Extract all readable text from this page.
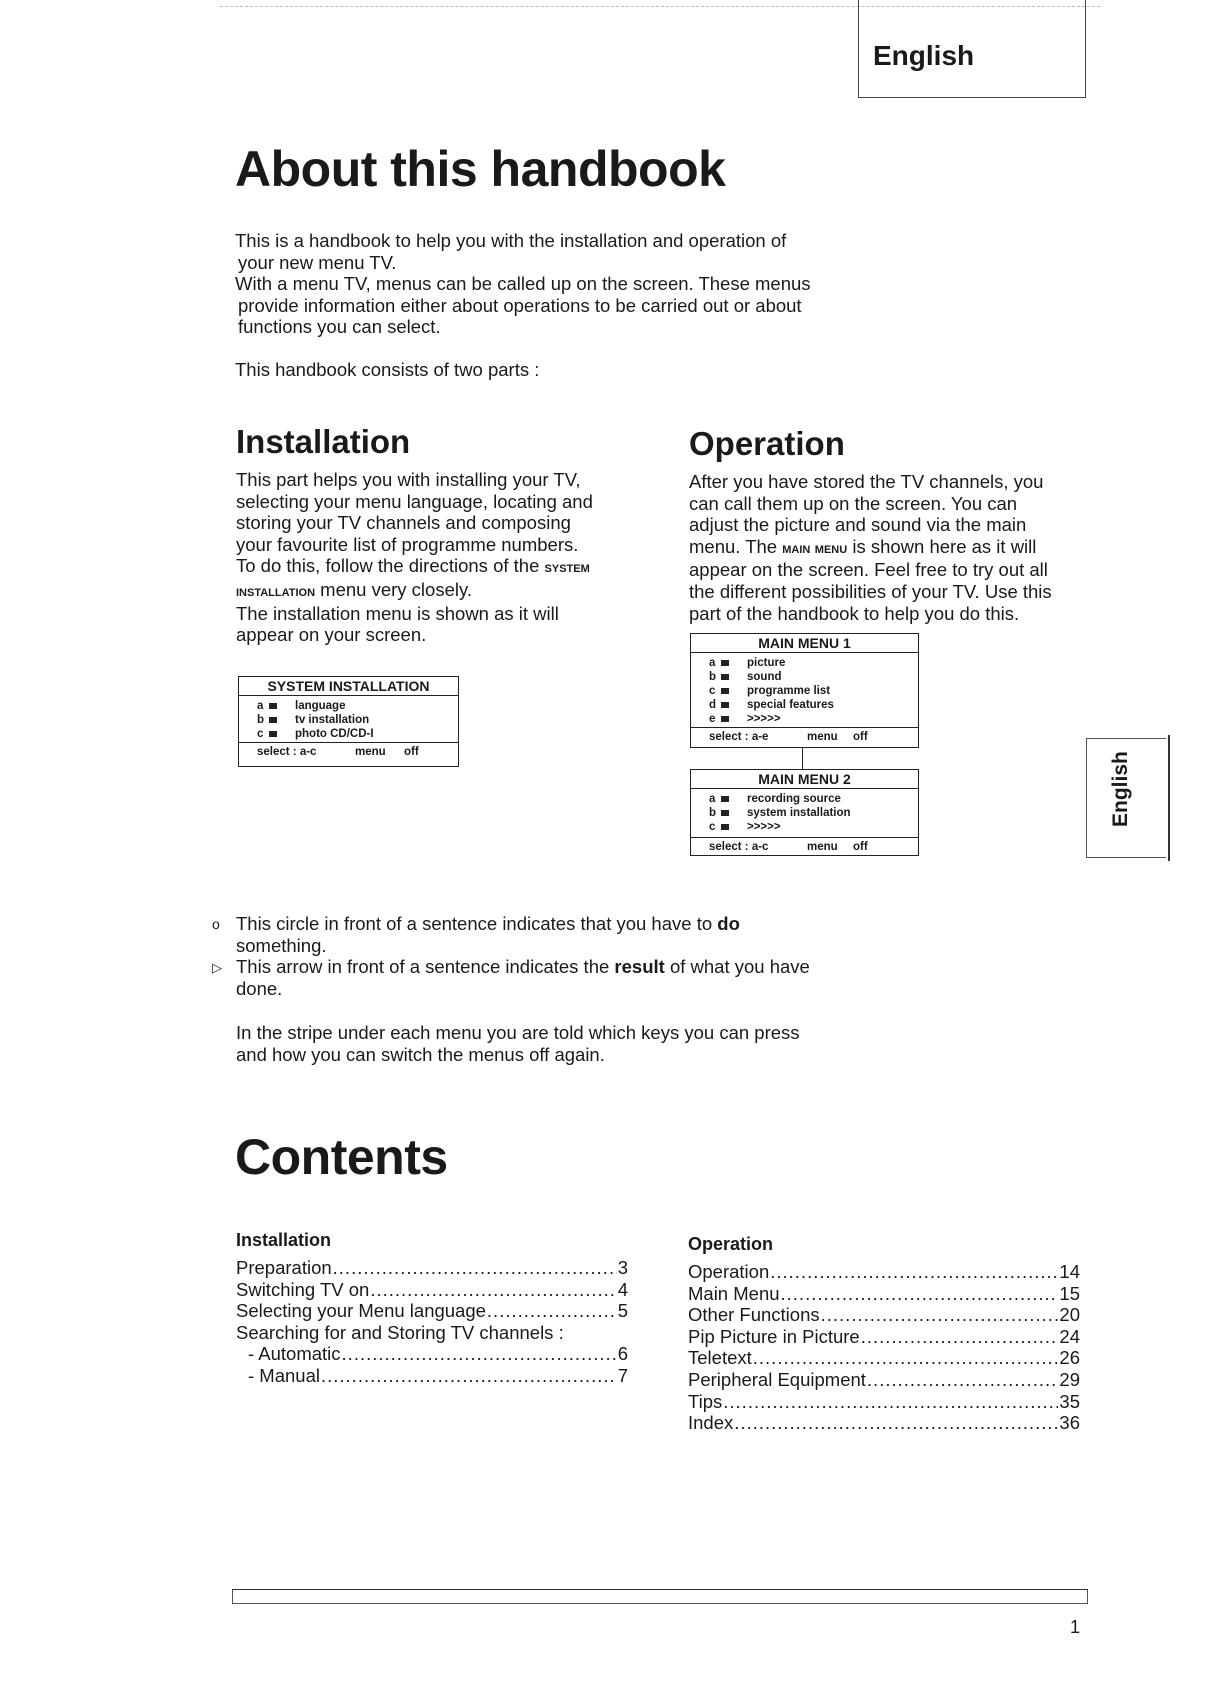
English
About this handbook

This is a handbook to help you with the installation and operation of

your new menu TV.

With a menu TV, menus can be called up on the screen. These menus

provide information either about operations to be carried out or about

functions you can select.

This handbook consists of two parts :

Installation

This part helps you with installing your TV,

selecting your menu language, locating and

storing your TV channels and composing

your favourite list of programme numbers.

To do this, follow the directions of the system

installation menu very closely.

The installation menu is shown as it will

appear on your screen.

SYSTEM INSTALLATION
a	language
b	tv installation
c	photo CD/CD-I
select : a-c	menu off
Operation

After you have stored the TV channels, you

can call them up on the screen. You can

adjust the picture and sound via the main

menu. The main menu is shown here as it will

appear on the screen. Feel free to try out all

the different possibilities of your TV. Use this

part of the handbook to help you do this.

MAIN MENU 1
a	picture
b	sound
c	programme list
d	special features
e	>>>>>
select : a-e	menu off
MAIN MENU 2
a	recording source
b	system installation
c	>>>>>
select : a-c	menu off
English
o This circle in front of a sentence indicates that you have to do
something.
▷ This arrow in front of a sentence indicates the result of what you have
done.
In the stripe under each menu you are told which keys you can press
and how you can switch the menus off again.
Contents
Installation
Preparation .....	3
Switching TV on .....	4
Selecting your Menu language .....	5
Searching for and Storing TV channels :
- Automatic .....	6
- Manual .....	7
Operation
Operation .....	14
Main Menu .....	15
Other Functions .....	20
Pip Picture in Picture .....	24
Teletext .....	26
Peripheral Equipment .....	29
Tips .....	35
Index .....	36
1
